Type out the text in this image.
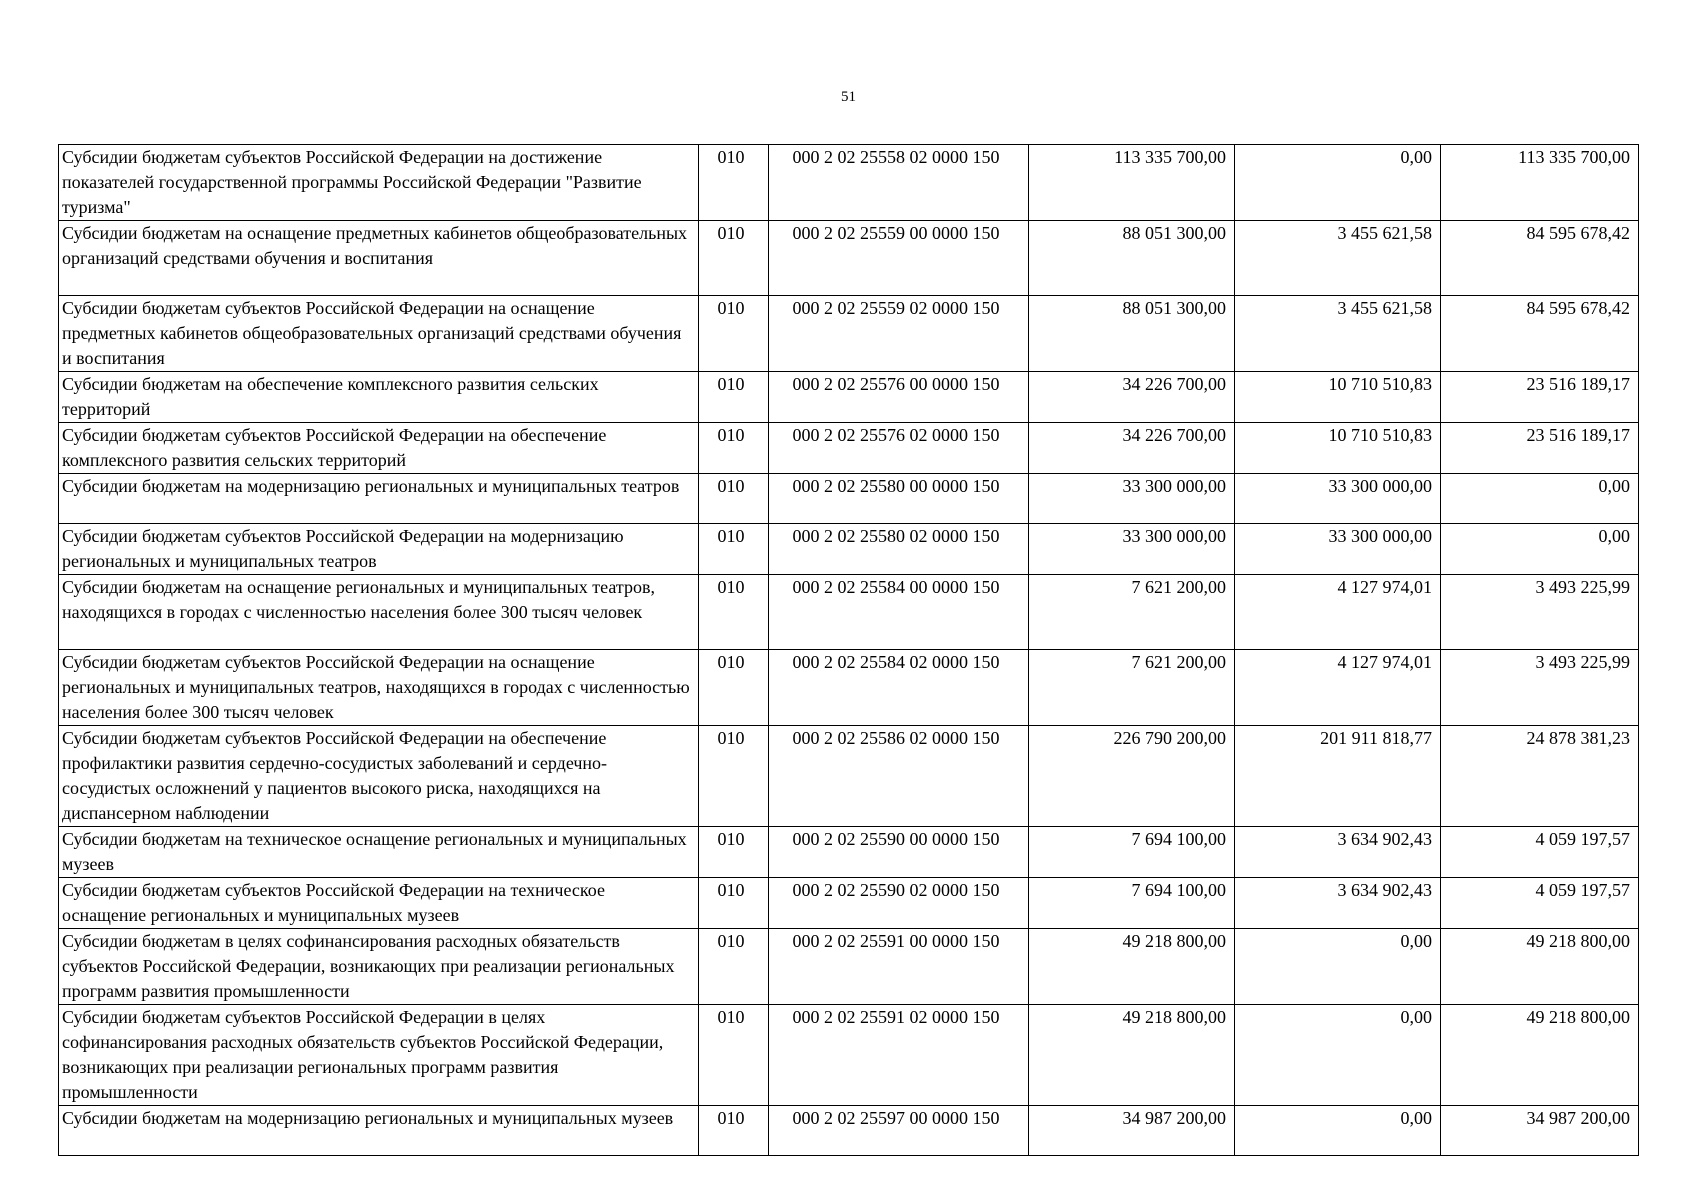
51
Субсидии бюджетам субъектов Российской Федерации на достижение показателей государственной программы Российской Федерации "Развитие туризма"	010	000 2 02 25558 02 0000 150	113 335 700,00	0,00	113 335 700,00
Субсидии бюджетам на оснащение предметных кабинетов общеобразовательных организаций средствами обучения и воспитания	010	000 2 02 25559 00 0000 150	88 051 300,00	3 455 621,58	84 595 678,42
Субсидии бюджетам субъектов Российской Федерации на оснащение предметных кабинетов общеобразовательных организаций средствами обучения и воспитания	010	000 2 02 25559 02 0000 150	88 051 300,00	3 455 621,58	84 595 678,42
Субсидии бюджетам на обеспечение комплексного развития сельских территорий	010	000 2 02 25576 00 0000 150	34 226 700,00	10 710 510,83	23 516 189,17
Субсидии бюджетам субъектов Российской Федерации на обеспечение комплексного развития сельских территорий	010	000 2 02 25576 02 0000 150	34 226 700,00	10 710 510,83	23 516 189,17
Субсидии бюджетам на модернизацию региональных и муниципальных театров	010	000 2 02 25580 00 0000 150	33 300 000,00	33 300 000,00	0,00
Субсидии бюджетам субъектов Российской Федерации на модернизацию региональных и муниципальных театров	010	000 2 02 25580 02 0000 150	33 300 000,00	33 300 000,00	0,00
Субсидии бюджетам на оснащение региональных и муниципальных театров, находящихся в городах с численностью населения более 300 тысяч человек	010	000 2 02 25584 00 0000 150	7 621 200,00	4 127 974,01	3 493 225,99
Субсидии бюджетам субъектов Российской Федерации на оснащение региональных и муниципальных театров, находящихся в городах с численностью населения более 300 тысяч человек	010	000 2 02 25584 02 0000 150	7 621 200,00	4 127 974,01	3 493 225,99
Субсидии бюджетам субъектов Российской Федерации на обеспечение профилактики развития сердечно-сосудистых заболеваний и сердечно-сосудистых осложнений у пациентов высокого риска, находящихся на диспансерном наблюдении	010	000 2 02 25586 02 0000 150	226 790 200,00	201 911 818,77	24 878 381,23
Субсидии бюджетам на техническое оснащение региональных и муниципальных музеев	010	000 2 02 25590 00 0000 150	7 694 100,00	3 634 902,43	4 059 197,57
Субсидии бюджетам субъектов Российской Федерации на техническое оснащение региональных и муниципальных музеев	010	000 2 02 25590 02 0000 150	7 694 100,00	3 634 902,43	4 059 197,57
Субсидии бюджетам в целях софинансирования расходных обязательств субъектов Российской Федерации, возникающих при реализации региональных программ развития промышленности	010	000 2 02 25591 00 0000 150	49 218 800,00	0,00	49 218 800,00
Субсидии бюджетам субъектов Российской Федерации в целях софинансирования расходных обязательств субъектов Российской Федерации, возникающих при реализации региональных программ развития промышленности	010	000 2 02 25591 02 0000 150	49 218 800,00	0,00	49 218 800,00
Субсидии бюджетам на модернизацию региональных и муниципальных музеев	010	000 2 02 25597 00 0000 150	34 987 200,00	0,00	34 987 200,00
